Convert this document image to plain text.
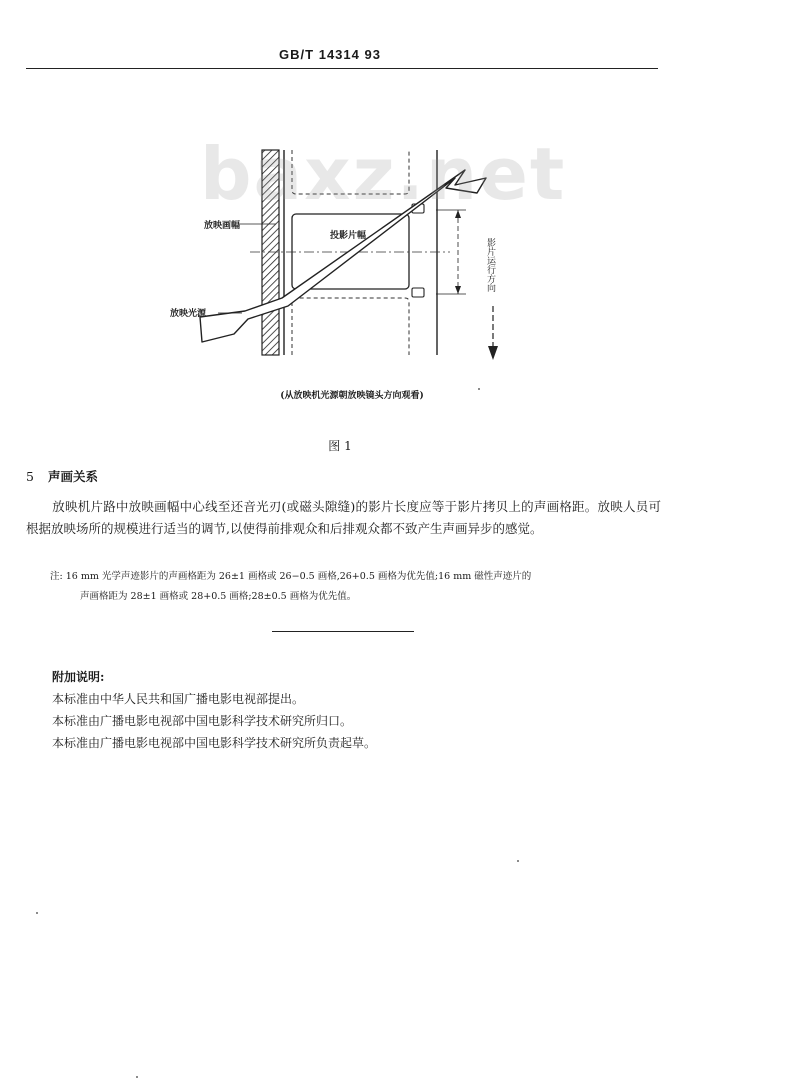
GB/T 14314 93
放映画幅
投影片幅
放映光源
影片运行方向
baxz.net
(从放映机光源朝放映镜头方向观看)
图 1
5 声画关系
放映机片路中放映画幅中心线至还音光刃(或磁头隙缝)的影片长度应等于影片拷贝上的声画格距。放映人员可根据放映场所的规模进行适当的调节,以使得前排观众和后排观众都不致产生声画异步的感觉。
注: 16 mm 光学声迹影片的声画格距为 26±1 画格或 26−0.5 画格,26+0.5 画格为优先值;16 mm 磁性声迹片的
声画格距为 28±1 画格或 28+0.5 画格;28±0.5 画格为优先值。
附加说明:
本标准由中华人民共和国广播电影电视部提出。
本标准由广播电影电视部中国电影科学技术研究所归口。
本标准由广播电影电视部中国电影科学技术研究所负责起草。
